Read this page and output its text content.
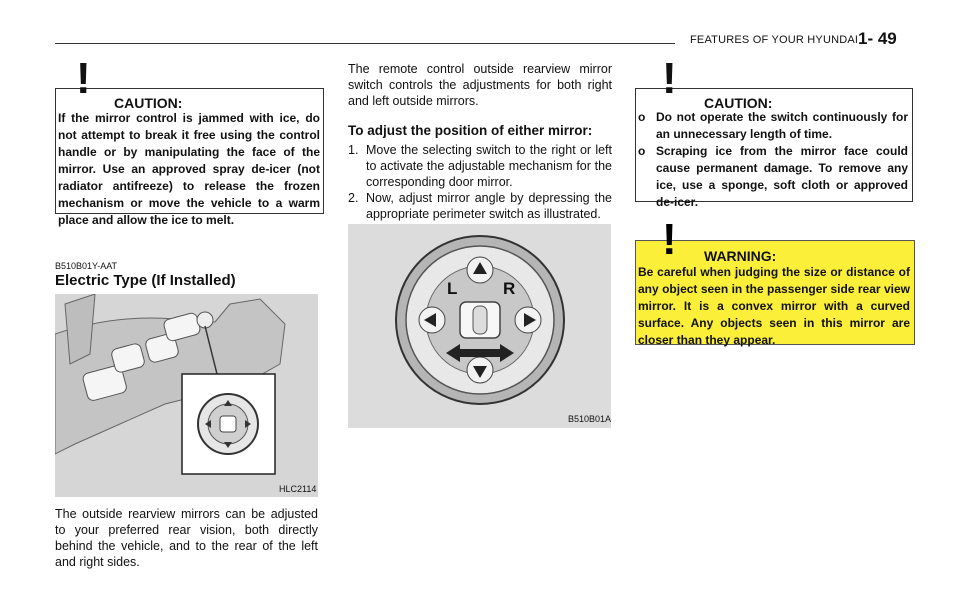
FEATURES OF YOUR HYUNDAI 1- 49
! CAUTION:
If the mirror control is jammed with ice, do not attempt to break it free using the control handle or by manipulating the face of the mirror. Use an approved spray de-icer (not radiator antifreeze) to release the frozen mechanism or move the vehicle to a warm place and allow the ice to melt.
B510B01Y-AAT
Electric Type (If Installed)
HLC2114
The outside rearview mirrors can be adjusted to your preferred rear vision, both directly behind the vehicle, and to the rear of the left and right sides.
The remote control outside rearview mirror switch controls the adjustments for both right and left outside mirrors.
To adjust the position of either mirror:
1. Move the selecting switch to the right or left to activate the adjustable mechanism for the corresponding door mirror.
2. Now, adjust mirror angle by depressing the appropriate perimeter switch as illustrated.
L	R
B510B01A
! CAUTION:
o Do not operate the switch continuously for an unnecessary length of time.
o Scraping ice from the mirror face could cause permanent damage. To remove any ice, use a sponge, soft cloth or approved de-icer.
! WARNING:
Be careful when judging the size or distance of any object seen in the passenger side rear view mirror. It is a convex mirror with a curved surface. Any objects seen in this mirror are closer than they appear.
